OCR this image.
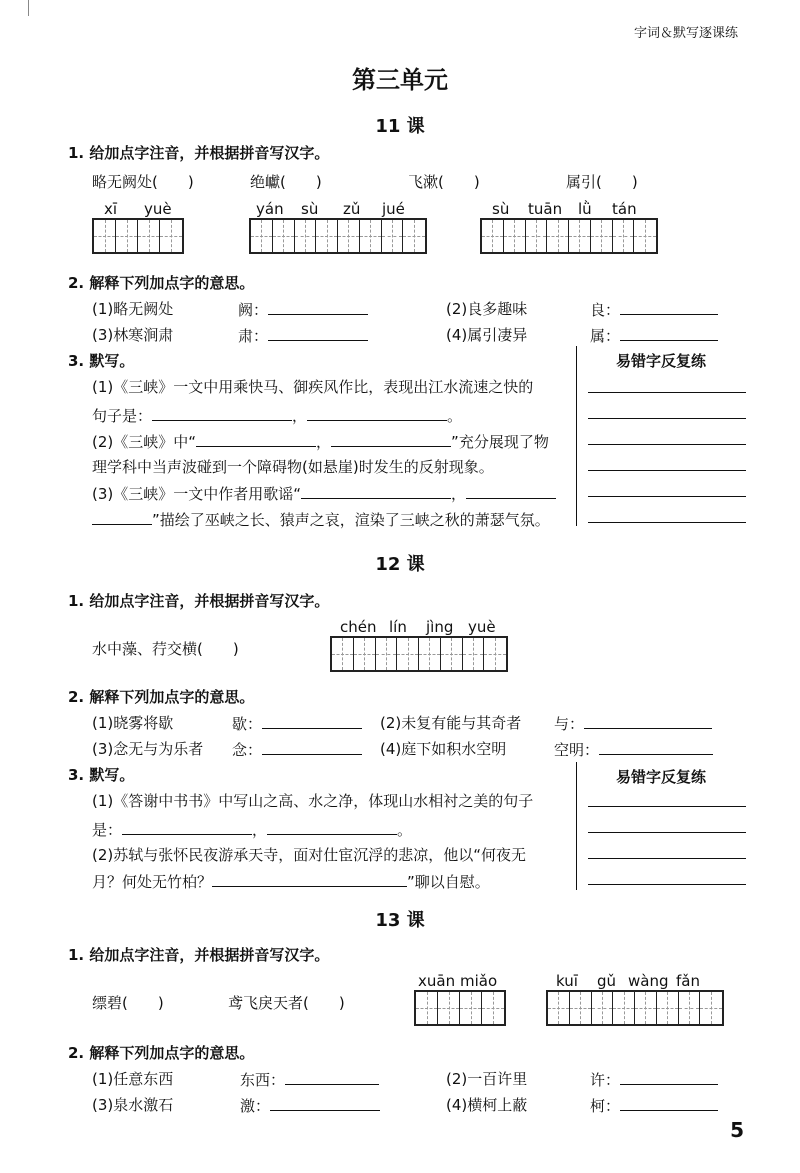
字词＆默写逐课练
第三单元
11 课
1. 给加点字注音，并根据拼音写汉字。
略无阙处(　　)	绝巘(　　)	飞漱(　　)	属引(　　)
xī yuè	yán sù zǔ jué	sù tuān lǜ tán
2. 解释下列加点字的意思。
(1)略无阙处	阙：	(2)良多趣味	良：
(3)林寒涧肃	肃：	(4)属引凄异	属：
3. 默写。
(1)《三峡》一文中用乘快马、御疾风作比，表现出江水流速之快的
句子是：	，	。
(2)《三峡》中“	，	”充分展现了物
理学科中当声波碰到一个障碍物(如悬崖)时发生的反射现象。
(3)《三峡》一文中作者用歌谣“	，
”描绘了巫峡之长、猿声之哀，渲染了三峡之秋的萧瑟气氛。
易错字反复练
12 课
1. 给加点字注音，并根据拼音写汉字。
水中藻、荇交横(　　)
chén lín jìng yuè
2. 解释下列加点字的意思。
(1)晓雾将歇	歇：	(2)未复有能与其奇者 与：
(3)念无与为乐者 念：	(4)庭下如积水空明	空明：
3. 默写。
(1)《答谢中书书》中写山之高、水之净，体现山水相衬之美的句子
是：	，	。
(2)苏轼与张怀民夜游承天寺，面对仕宦沉浮的悲凉，他以“何夜无
月？何处无竹柏？	”聊以自慰。
易错字反复练
13 课
1. 给加点字注音，并根据拼音写汉字。
缥碧(　　)	鸢飞戾天者(　　)
xuān miǎo	kuī gǔ wàng fǎn
2. 解释下列加点字的意思。
(1)任意东西	东西：	(2)一百许里	许：
(3)泉水激石	激：	(4)横柯上蔽	柯：
5
